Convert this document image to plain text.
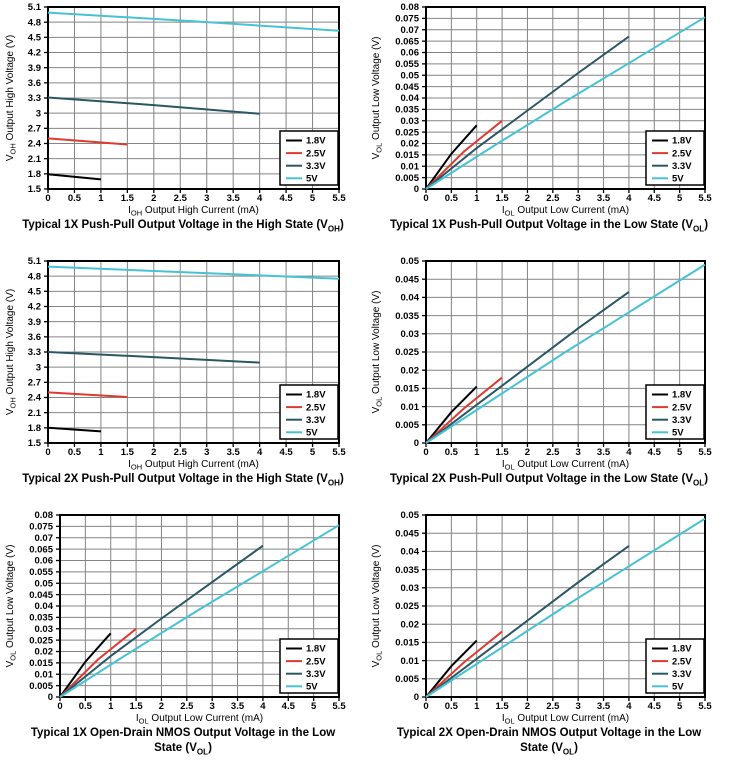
0 0.5 1 1.5 2 2.5 3 3.5 4 4.5 5 5.5
1.5
1.8
2.1
2.4
2.7
3
3.3
3.6
3.9
4.2
4.5
4.8
5.1
$I_{OH}$ Output High Current (mA)
$V_{OH}$ Output High Voltage (V)	1.8V
2.5V
3.3V
5V
Typical 1X Push-Pull Output Voltage in the High State $(V_{OH})$
0 0.5 1 1.5 2 2.5 3 3.5 4 4.5 5 5.5
0
0.005
0.01
0.015
0.02
0.025
0.03
0.035
0.04
0.045
0.05
0.055
0.06
0.065
0.07
0.075
0.08
$I_{OL}$ Output Low Current (mA)
$V_{OL}$ Output Low Voltage (V)	1.8V
2.5V
3.3V
5V
Typical 1X Push-Pull Output Voltage in the Low State $(V_{OL})$
0 0.5 1 1.5 2 2.5 3 3.5 4 4.5 5 5.5
1.5
1.8
2.1
2.4
2.7
3
3.3
3.6
3.9
4.2
4.5
4.8
5.1
$I_{OH}$ Output High Current (mA)
$V_{OH}$ Output High Voltage (V)	1.8V
2.5V
3.3V
5V
Typical 2X Push-Pull Output Voltage in the High State $(V_{OH})$
0 0.5 1 1.5 2 2.5 3 3.5 4 4.5 5 5.5
0
0.005
0.01
0.015
0.02
0.025
0.03
0.035
0.04
0.045
0.05
$I_{OL}$ Output Low Current (mA)
$V_{OL}$ Output Low Voltage (V)	1.8V
2.5V
3.3V
5V
Typical 2X Push-Pull Output Voltage in the Low State $(V_{OL})$
0 0.5 1 1.5 2 2.5 3 3.5 4 4.5 5 5.5
0
0.005
0.01
0.015
0.02
0.025
0.03
0.035
0.04
0.045
0.05
0.055
0.06
0.065
0.07
0.075
0.08
$I_{OL}$ Output Low Current (mA)
$V_{OL}$ Output Low Voltage (V)	1.8V
2.5V
3.3V
5V
Typical 1X Open-Drain NMOS Output Voltage in the Low State $(V_{OL})$
0 0.5 1 1.5 2 2.5 3 3.5 4 4.5 5 5.5
0
0.005
0.01
0.015
0.02
0.025
0.03
0.035
0.04
0.045
0.05
$I_{OL}$ Output Low Current (mA)
$V_{OL}$ Output Low Voltage (V)	1.8V
2.5V
3.3V
5V
Typical 2X Open-Drain NMOS Output Voltage in the Low State $(V_{OL})$
